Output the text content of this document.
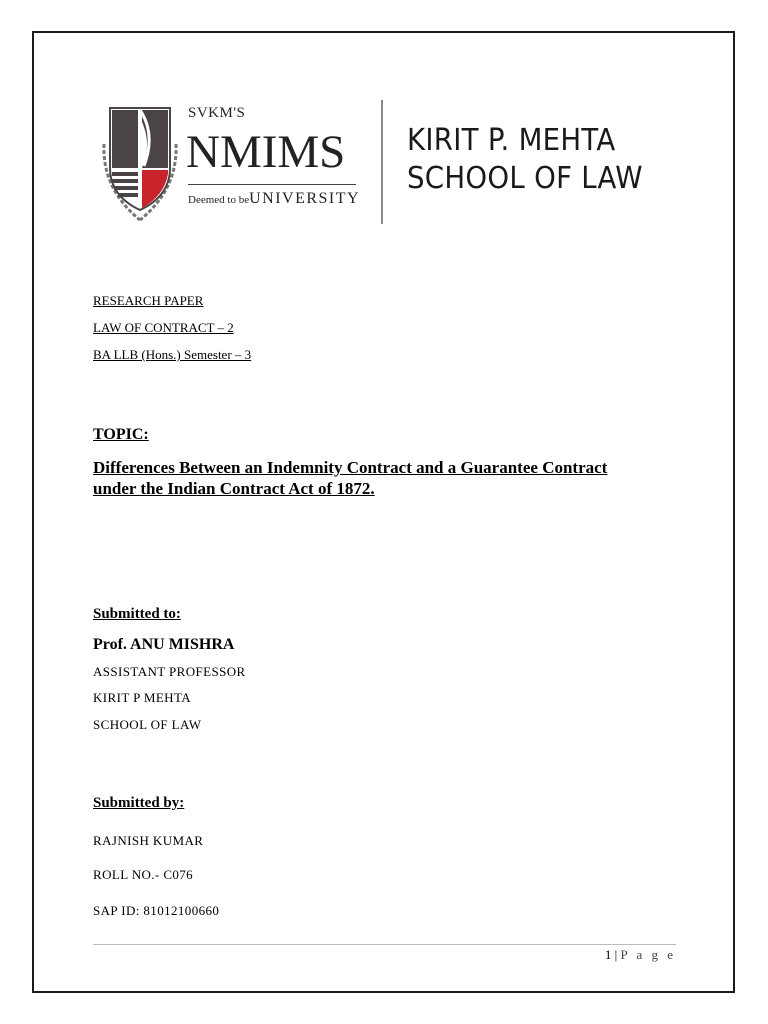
SVKM'S
NMIMS
Deemed to beUNIVERSITY
KIRIT P. MEHTA
SCHOOL OF LAW
RESEARCH PAPER
LAW OF CONTRACT – 2
BA LLB (Hons.) Semester – 3
TOPIC:
Differences Between an Indemnity Contract and a Guarantee Contract under the Indian Contract Act of 1872.
Submitted to:
Prof. ANU MISHRA
ASSISTANT PROFESSOR
KIRIT P MEHTA
SCHOOL OF LAW
Submitted by:
RAJNISH KUMAR
ROLL NO.- C076
SAP ID: 81012100660
1 | P a g e
